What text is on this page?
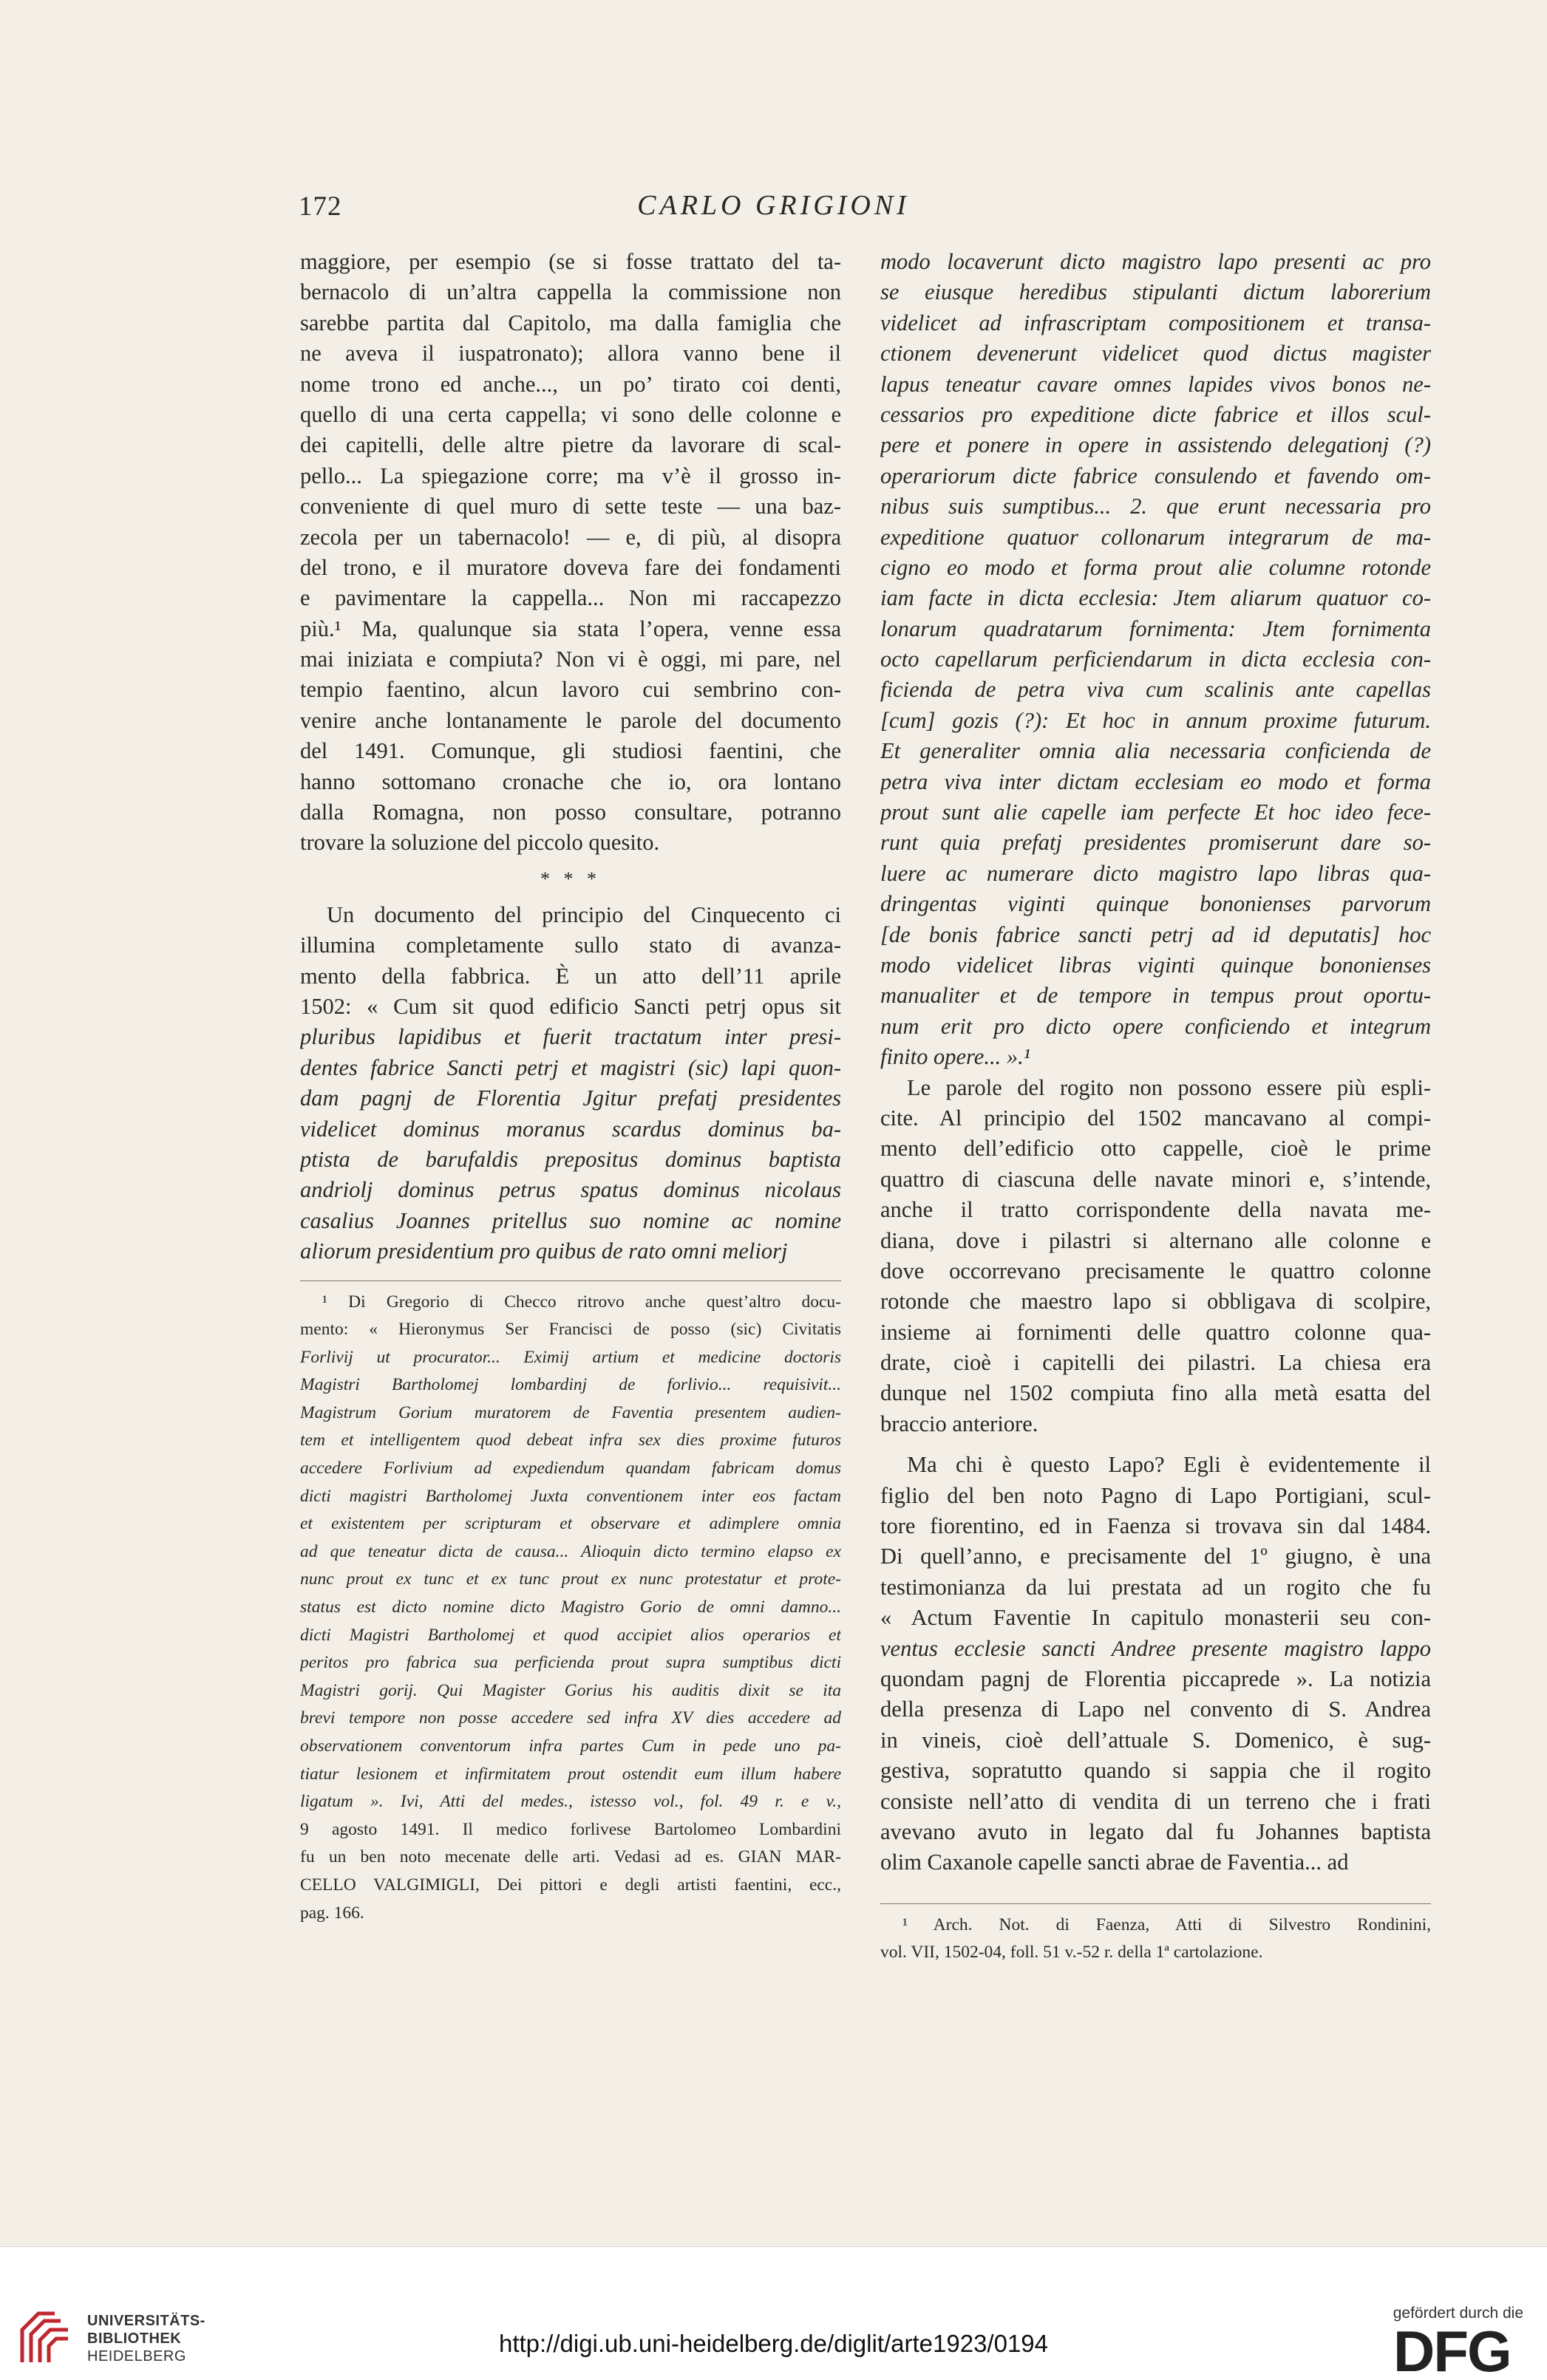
172	CARLO GRIGIONI
maggiore, per esempio (se si fosse trattato del ta-
bernacolo di un’altra cappella la commissione non
sarebbe partita dal Capitolo, ma dalla famiglia che
ne aveva il iuspatronato); allora vanno bene il
nome trono ed anche..., un po’ tirato coi denti,
quello di una certa cappella; vi sono delle colonne e
dei capitelli, delle altre pietre da lavorare di scal-
pello... La spiegazione corre; ma v’è il grosso in-
conveniente di quel muro di sette teste — una baz-
zecola per un tabernacolo! — e, di più, al disopra
del trono, e il muratore doveva fare dei fondamenti
e pavimentare la cappella... Non mi raccapezzo
più.¹ Ma, qualunque sia stata l’opera, venne essa
mai iniziata e compiuta? Non vi è oggi, mi pare, nel
tempio faentino, alcun lavoro cui sembrino con-
venire anche lontanamente le parole del documento
del 1491. Comunque, gli studiosi faentini, che
hanno sottomano cronache che io, ora lontano
dalla Romagna, non posso consultare, potranno
trovare la soluzione del piccolo quesito.
* * *
Un documento del principio del Cinquecento ci
illumina completamente sullo stato di avanza-
mento della fabbrica. È un atto dell’11 aprile
1502: « Cum sit quod edificio Sancti petrj opus sit
pluribus lapidibus et fuerit tractatum inter presi-
dentes fabrice Sancti petrj et magistri (sic) lapi quon-
dam pagnj de Florentia Jgitur prefatj presidentes
videlicet dominus moranus scardus dominus ba-
ptista de barufaldis prepositus dominus baptista
andriolj dominus petrus spatus dominus nicolaus
casalius Joannes pritellus suo nomine ac nomine
aliorum presidentium pro quibus de rato omni meliorj
¹ Di Gregorio di Checco ritrovo anche quest’altro docu-
mento: « Hieronymus Ser Francisci de posso (sic) Civitatis
Forlivij ut procurator... Eximij artium et medicine doctoris
Magistri Bartholomej lombardinj de forlivio... requisivit...
Magistrum Gorium muratorem de Faventia presentem audien-
tem et intelligentem quod debeat infra sex dies proxime futuros
accedere Forlivium ad expediendum quandam fabricam domus
dicti magistri Bartholomej Juxta conventionem inter eos factam
et existentem per scripturam et observare et adimplere omnia
ad que teneatur dicta de causa... Alioquin dicto termino elapso ex
nunc prout ex tunc et ex tunc prout ex nunc protestatur et prote-
status est dicto nomine dicto Magistro Gorio de omni damno...
dicti Magistri Bartholomej et quod accipiet alios operarios et
peritos pro fabrica sua perficienda prout supra sumptibus dicti
Magistri gorij. Qui Magister Gorius his auditis dixit se ita
brevi tempore non posse accedere sed infra XV dies accedere ad
observationem conventorum infra partes Cum in pede uno pa-
tiatur lesionem et infirmitatem prout ostendit eum illum habere
ligatum ». Ivi, Atti del medes., istesso vol., fol. 49 r. e v.,
9 agosto 1491. Il medico forlivese Bartolomeo Lombardini
fu un ben noto mecenate delle arti. Vedasi ad es. GIAN MAR-
CELLO VALGIMIGLI, Dei pittori e degli artisti faentini, ecc.,
pag. 166.
modo locaverunt dicto magistro lapo presenti ac pro
se eiusque heredibus stipulanti dictum laborerium
videlicet ad infrascriptam compositionem et transa-
ctionem devenerunt videlicet quod dictus magister
lapus teneatur cavare omnes lapides vivos bonos ne-
cessarios pro expeditione dicte fabrice et illos scul-
pere et ponere in opere in assistendo delegationj (?)
operariorum dicte fabrice consulendo et favendo om-
nibus suis sumptibus... 2. que erunt necessaria pro
expeditione quatuor collonarum integrarum de ma-
cigno eo modo et forma prout alie columne rotonde
iam facte in dicta ecclesia: Jtem aliarum quatuor co-
lonarum quadratarum fornimenta: Jtem fornimenta
octo capellarum perficiendarum in dicta ecclesia con-
ficienda de petra viva cum scalinis ante capellas
[cum] gozis (?): Et hoc in annum proxime futurum.
Et generaliter omnia alia necessaria conficienda de
petra viva inter dictam ecclesiam eo modo et forma
prout sunt alie capelle iam perfecte Et hoc ideo fece-
runt quia prefatj presidentes promiserunt dare so-
luere ac numerare dicto magistro lapo libras qua-
dringentas viginti quinque bononienses parvorum
[de bonis fabrice sancti petrj ad id deputatis] hoc
modo videlicet libras viginti quinque bononienses
manualiter et de tempore in tempus prout oportu-
num erit pro dicto opere conficiendo et integrum
finito opere... ».¹
Le parole del rogito non possono essere più espli-
cite. Al principio del 1502 mancavano al compi-
mento dell’edificio otto cappelle, cioè le prime
quattro di ciascuna delle navate minori e, s’intende,
anche il tratto corrispondente della navata me-
diana, dove i pilastri si alternano alle colonne e
dove occorrevano precisamente le quattro colonne
rotonde che maestro lapo si obbligava di scolpire,
insieme ai fornimenti delle quattro colonne qua-
drate, cioè i capitelli dei pilastri. La chiesa era
dunque nel 1502 compiuta fino alla metà esatta del
braccio anteriore.
Ma chi è questo Lapo? Egli è evidentemente il
figlio del ben noto Pagno di Lapo Portigiani, scul-
tore fiorentino, ed in Faenza si trovava sin dal 1484.
Di quell’anno, e precisamente del 1º giugno, è una
testimonianza da lui prestata ad un rogito che fu
« Actum Faventie In capitulo monasterii seu con-
ventus ecclesie sancti Andree presente magistro lappo
quondam pagnj de Florentia piccaprede ». La notizia
della presenza di Lapo nel convento di S. Andrea
in vineis, cioè dell’attuale S. Domenico, è sug-
gestiva, sopratutto quando si sappia che il rogito
consiste nell’atto di vendita di un terreno che i frati
avevano avuto in legato dal fu Johannes baptista
olim Caxanole capelle sancti abrae de Faventia... ad
¹ Arch. Not. di Faenza, Atti di Silvestro Rondinini,
vol. VII, 1502-04, foll. 51 v.-52 r. della 1ª cartolazione.
UNIVERSITÄTS-
BIBLIOTHEK
HEIDELBERG	http://digi.ub.uni-heidelberg.de/diglit/arte1923/0194
gefördert durch die
DFG
